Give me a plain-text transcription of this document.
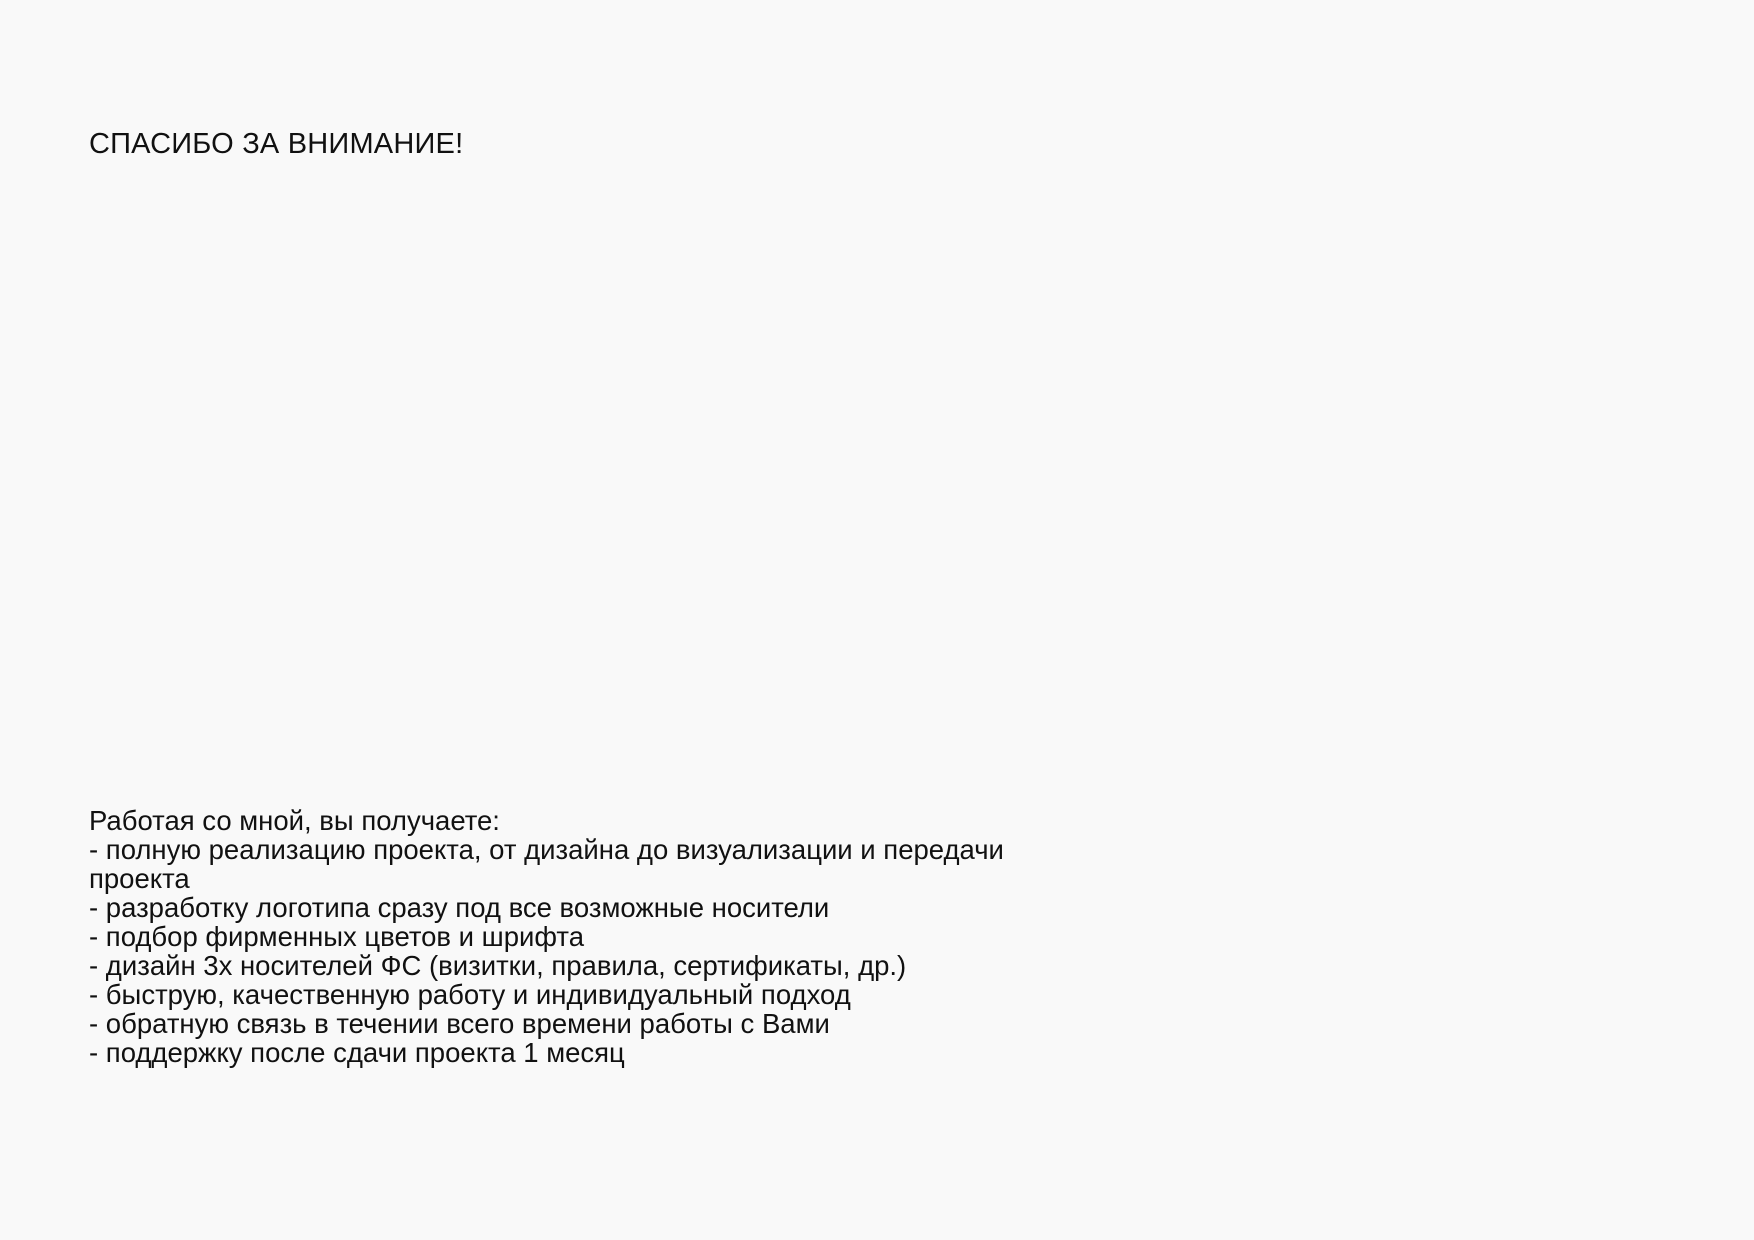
СПАСИБО ЗА ВНИМАНИЕ!
Работая со мной, вы получаете:
- полную реализацию проекта, от дизайна до визуализации и передачи
проекта
- разработку логотипа сразу под все возможные носители
- подбор фирменных цветов и шрифта
- дизайн 3х носителей ФС (визитки, правила, сертификаты, др.)
- быструю, качественную работу и индивидуальный подход
- обратную связь в течении всего времени работы с Вами
- поддержку после сдачи проекта 1 месяц
